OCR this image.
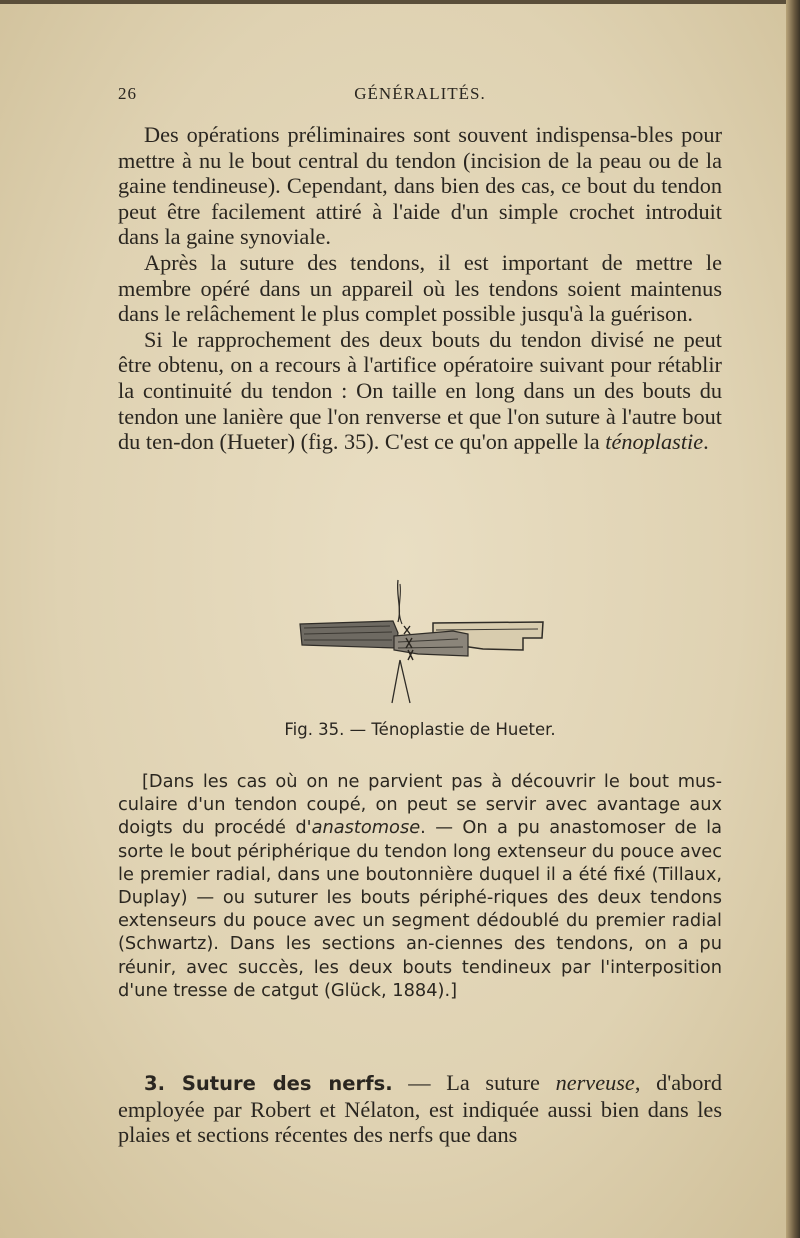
26	GÉNÉRALITÉS.

Des opérations préliminaires sont souvent indispensa-bles pour mettre à nu le bout central du tendon (incision de la peau ou de la gaine tendineuse). Cependant, dans bien des cas, ce bout du tendon peut être facilement attiré à l'aide d'un simple crochet introduit dans la gaine synoviale.

Après la suture des tendons, il est important de mettre le membre opéré dans un appareil où les tendons soient maintenus dans le relâchement le plus complet possible jusqu'à la guérison.

Si le rapprochement des deux bouts du tendon divisé ne peut être obtenu, on a recours à l'artifice opératoire suivant pour rétablir la continuité du tendon : On taille en long dans un des bouts du tendon une lanière que l'on renverse et que l'on suture à l'autre bout du ten-don (Hueter) (fig. 35). C'est ce qu'on appelle la ténoplastie.

Fig. 35. — Ténoplastie de Hueter.

[Dans les cas où on ne parvient pas à découvrir le bout mus-culaire d'un tendon coupé, on peut se servir avec avantage aux doigts du procédé d'anastomose. — On a pu anastomoser de la sorte le bout périphérique du tendon long extenseur du pouce avec le premier radial, dans une boutonnière duquel il a été fixé (Tillaux, Duplay) — ou suturer les bouts périphé-riques des deux tendons extenseurs du pouce avec un segment dédoublé du premier radial (Schwartz). Dans les sections an-ciennes des tendons, on a pu réunir, avec succès, les deux bouts tendineux par l'interposition d'une tresse de catgut (Glück, 1884).]

3. Suture des nerfs. — La suture nerveuse, d'abord employée par Robert et Nélaton, est indiquée aussi bien dans les plaies et sections récentes des nerfs que dans
